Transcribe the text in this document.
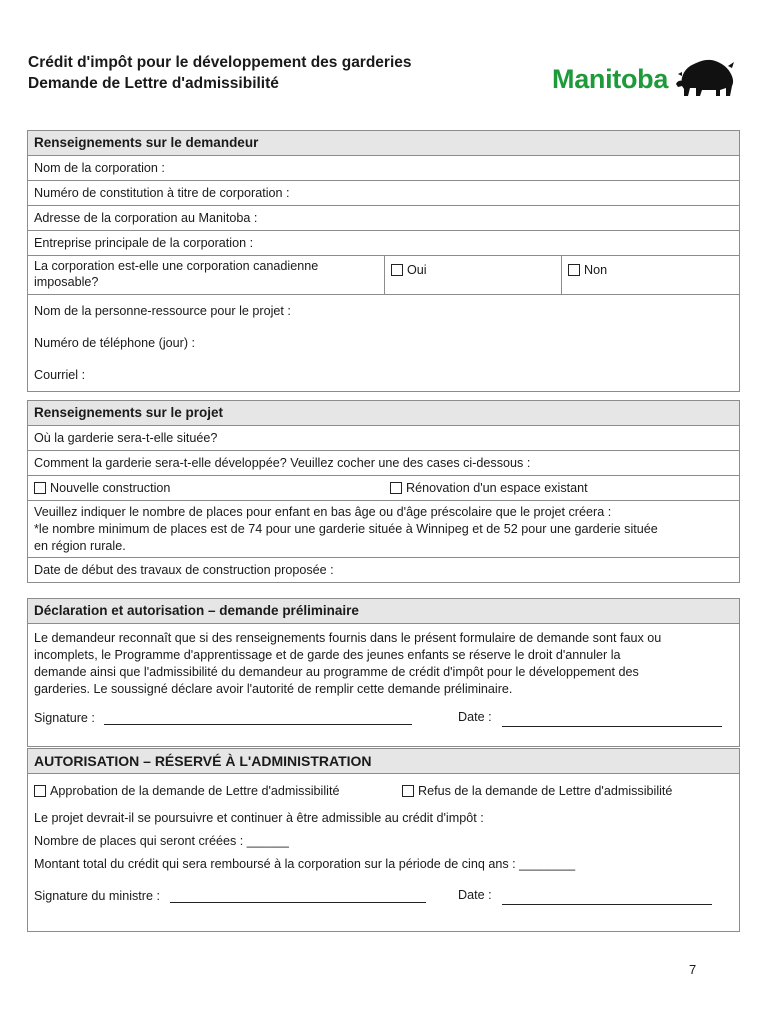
Crédit d'impôt pour le développement des garderies
Demande de Lettre d'admissibilité	Manitoba
Renseignements sur le demandeur
Nom de la corporation :
Numéro de constitution à titre de corporation :
Adresse de la corporation au Manitoba :
Entreprise principale de la corporation :
La corporation est-elle une corporation canadienne
imposable?
Oui	Non
Nom de la personne-ressource pour le projet :
Numéro de téléphone (jour) :
Courriel :
Renseignements sur le projet
Où la garderie sera-t-elle située?
Comment la garderie sera-t-elle développée? Veuillez cocher une des cases ci-dessous :
Nouvelle construction	Rénovation d'un espace existant
Veuillez indiquer le nombre de places pour enfant en bas âge ou d'âge préscolaire que le projet créera :
*le nombre minimum de places est de 74 pour une garderie située à Winnipeg et de 52 pour une garderie située
en région rurale.
Date de début des travaux de construction proposée :
Déclaration et autorisation – demande préliminaire
Le demandeur reconnaît que si des renseignements fournis dans le présent formulaire de demande sont faux ou
incomplets, le Programme d'apprentissage et de garde des jeunes enfants se réserve le droit d'annuler la
demande ainsi que l'admissibilité du demandeur au programme de crédit d'impôt pour le développement des
garderies. Le soussigné déclare avoir l'autorité de remplir cette demande préliminaire.
Signature :	Date :
AUTORISATION – RÉSERVÉ À L'ADMINISTRATION
Approbation de la demande de Lettre d'admissibilité	Refus de la demande de Lettre d'admissibilité
Le projet devrait-il se poursuivre et continuer à être admissible au crédit d'impôt :
Nombre de places qui seront créées : ______
Montant total du crédit qui sera remboursé à la corporation sur la période de cinq ans : ________
Signature du ministre :	Date :
7
